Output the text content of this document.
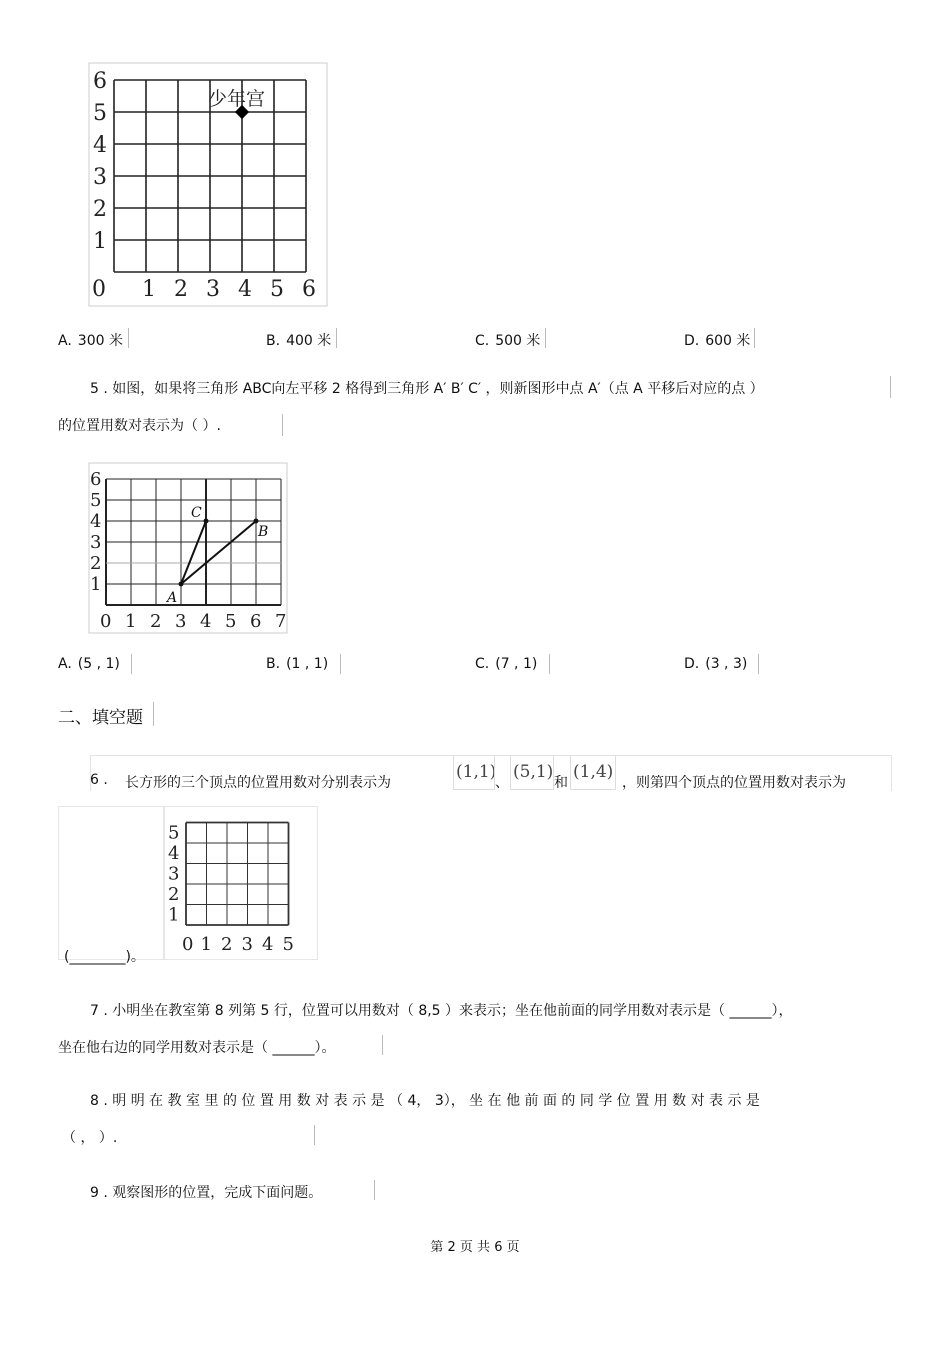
0 1 2 3 4 5 6
1
2
3
4
5
6
少年宫
A. 300 米	B. 400 米	C. 500 米	D. 600 米
5 . 如图，如果将三角形 ABC向左平移 2 格得到三角形 A′ B′ C′ ，则新图形中点 A′（点 A 平移后对应的点 ）
的位置用数对表示为（ ）.
0 1 2 3 4 5 6 7
1
2
3
4
5
6
A
B
C
A. (5 , 1)	B. (1 , 1)	C. (7 , 1)	D. (3 , 3)
二、填空题
6 . 长方形的三个顶点的位置用数对分别表示为
(1,1)
、
(5,1)
和
(1,4)
，则第四个顶点的位置用数对表示为
(________)。
0 1 2 3 4 5
1
2
3
4
5
7 . 小明坐在教室第 8 列第 5 行，位置可以用数对（ 8,5 ）来表示；坐在他前面的同学用数对表示是（ ______），
坐在他右边的同学用数对表示是（ ______）。
8 . 明 明 在 教 室 里 的 位 置 用 数 对 表 示 是 （ 4， 3）， 坐 在 他 前 面 的 同 学 位 置 用 数 对 表 示 是
（ ， ）.
9 . 观察图形的位置，完成下面问题。
第 2 页 共 6 页
